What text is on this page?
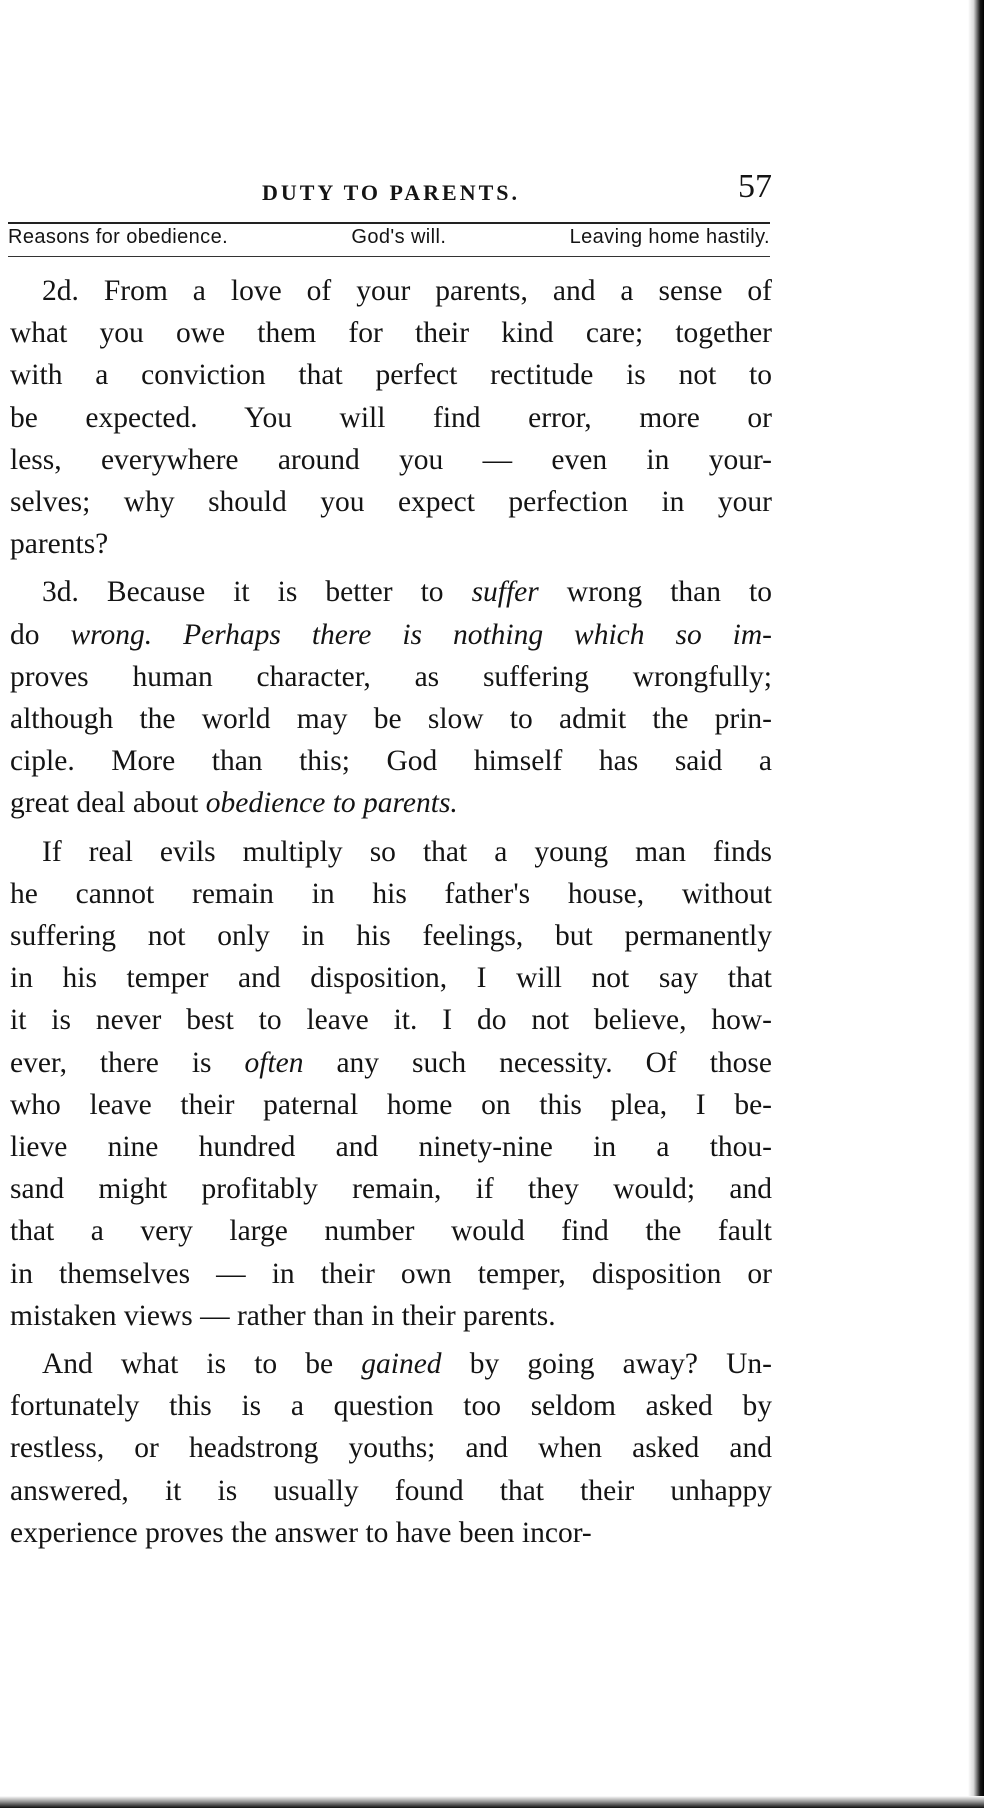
DUTY TO PARENTS.	57
Reasons for obedience.	God's will.	Leaving home hastily.
2d. From a love of your parents, and a sense of
what you owe them for their kind care; together
with a conviction that perfect rectitude is not to
be expected. You will find error, more or
less, everywhere around you — even in your-
selves; why should you expect perfection in your
parents?
3d. Because it is better to suffer wrong than to
do wrong. Perhaps there is nothing which so im-
proves human character, as suffering wrongfully;
although the world may be slow to admit the prin-
ciple. More than this; God himself has said a
great deal about obedience to parents.
If real evils multiply so that a young man finds
he cannot remain in his father's house, without
suffering not only in his feelings, but permanently
in his temper and disposition, I will not say that
it is never best to leave it. I do not believe, how-
ever, there is often any such necessity. Of those
who leave their paternal home on this plea, I be-
lieve nine hundred and ninety-nine in a thou-
sand might profitably remain, if they would; and
that a very large number would find the fault
in themselves — in their own temper, disposition or
mistaken views — rather than in their parents.
And what is to be gained by going away? Un-
fortunately this is a question too seldom asked by
restless, or headstrong youths; and when asked and
answered, it is usually found that their unhappy
experience proves the answer to have been incor-
